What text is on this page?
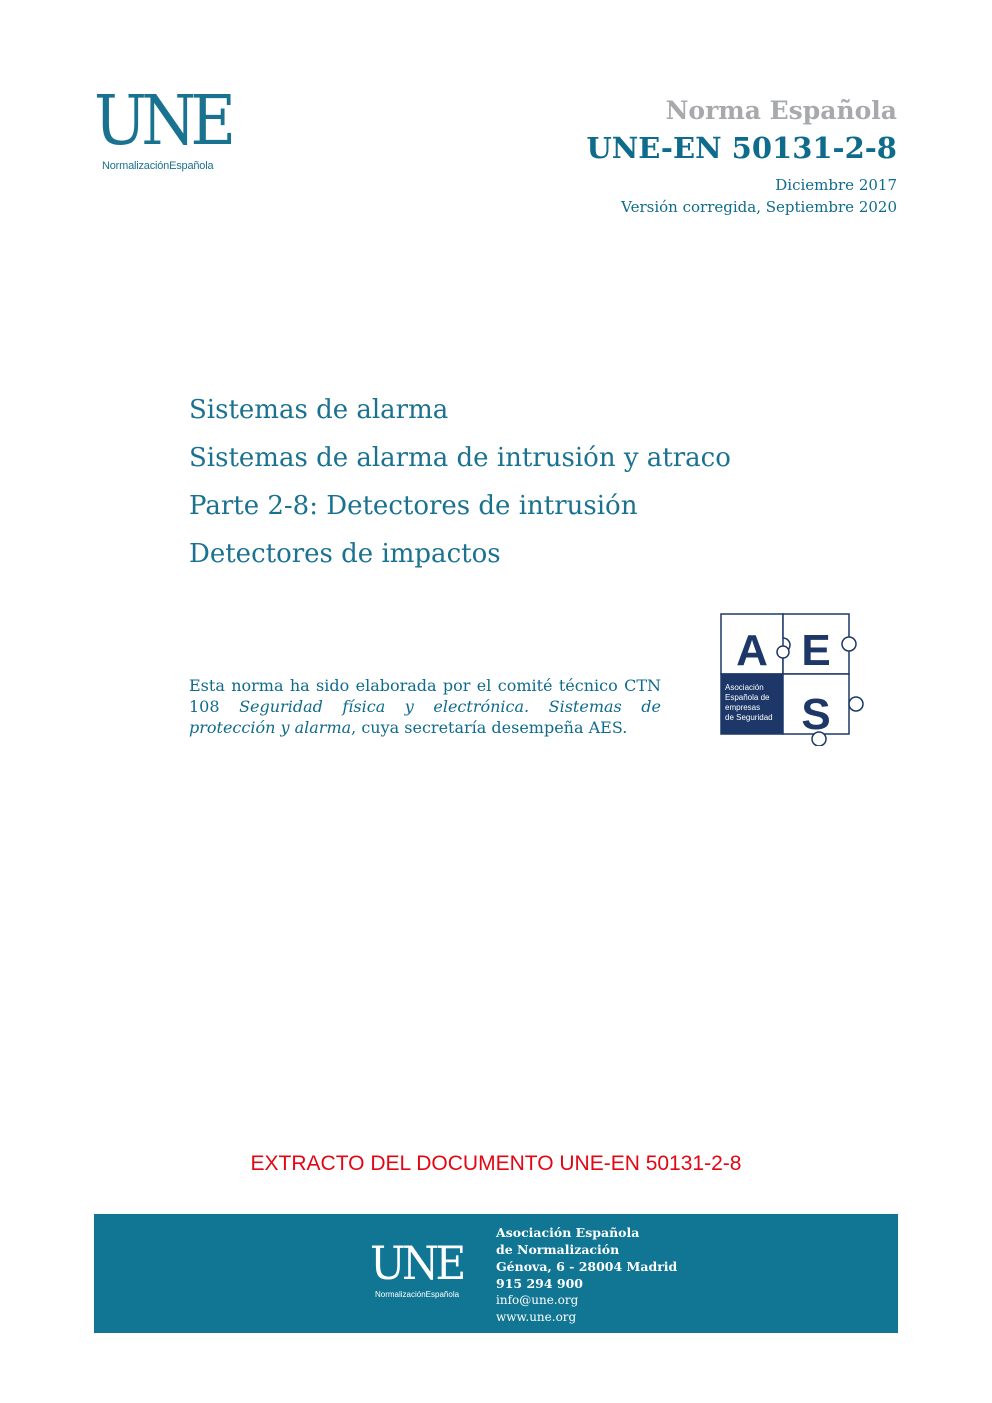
UNE
NormalizaciónEspañola
Norma Española
UNE-EN 50131-2-8
Diciembre 2017
Versión corregida, Septiembre 2020

Sistemas de alarma

Sistemas de alarma de intrusión y atraco

Parte 2-8: Detectores de intrusión

Detectores de impactos

Esta norma ha sido elaborada por el comité técnico CTN 108 Seguridad física y electrónica. Sistemas de protección y alarma, cuya secretaría desempeña AES.
A E
S
Asociación
Española de
empresas
de Seguridad
EXTRACTO DEL DOCUMENTO UNE-EN 50131-2-8
UNE
NormalizaciónEspañola
Asociación Española
de Normalización
Génova, 6 - 28004 Madrid
915 294 900
info@une.org
www.une.org
